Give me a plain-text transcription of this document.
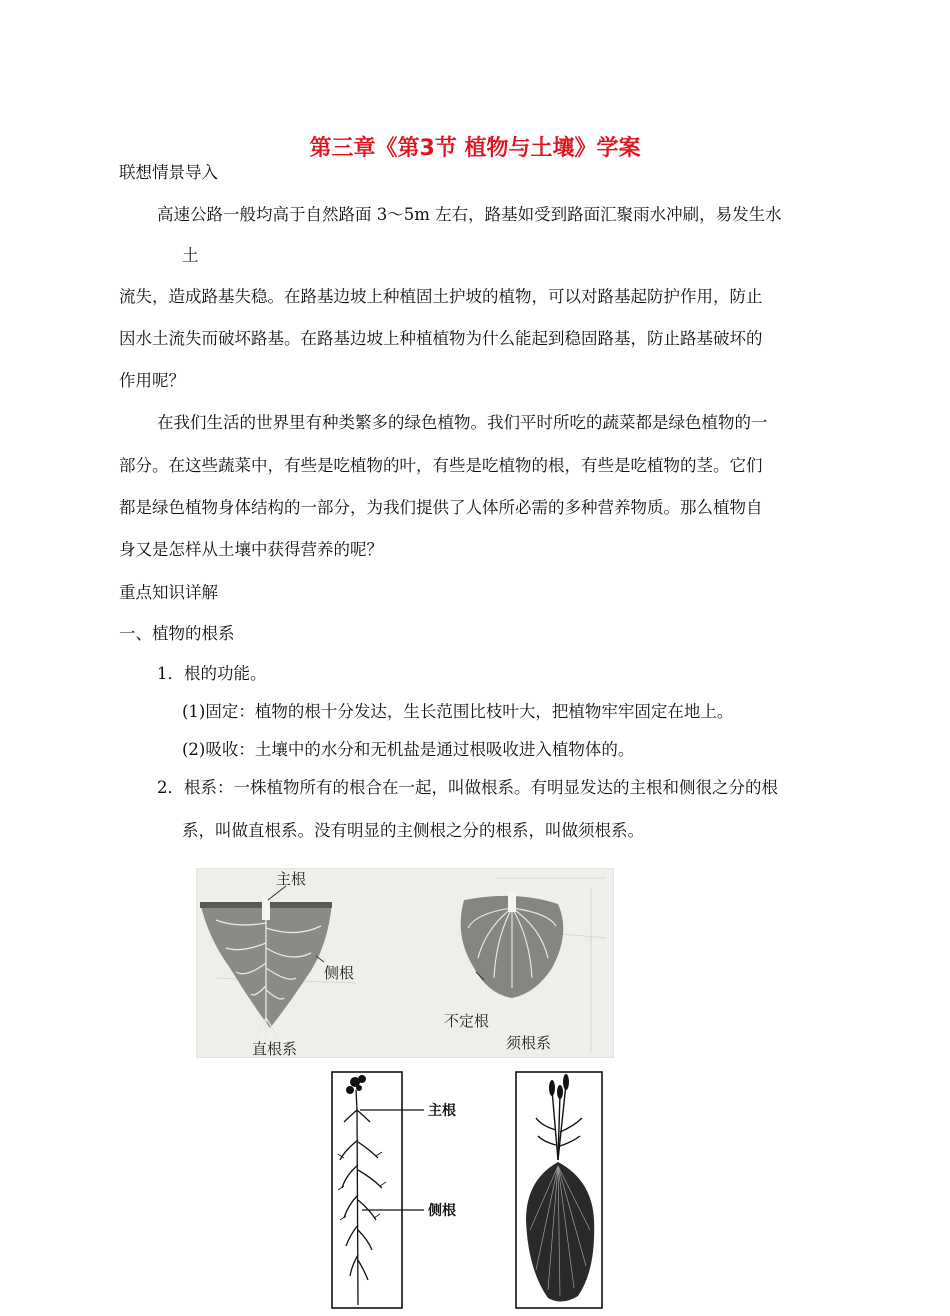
第三章《第3节 植物与土壤》学案
联想情景导入
高速公路一般均高于自然路面 3～5m 左右，路基如受到路面汇聚雨水冲刷，易发生水
土
流失，造成路基失稳。在路基边坡上种植固土护坡的植物，可以对路基起防护作用，防止
因水土流失而破坏路基。在路基边坡上种植植物为什么能起到稳固路基，防止路基破坏的
作用呢？
在我们生活的世界里有种类繁多的绿色植物。我们平时所吃的蔬菜都是绿色植物的一
部分。在这些蔬菜中，有些是吃植物的叶，有些是吃植物的根，有些是吃植物的茎。它们
都是绿色植物身体结构的一部分，为我们提供了人体所必需的多种营养物质。那么植物自
身又是怎样从土壤中获得营养的呢？
重点知识详解
一、植物的根系
1．根的功能。
(1)固定：植物的根十分发达，生长范围比枝叶大，把植物牢牢固定在地上。
(2)吸收：土壤中的水分和无机盐是通过根吸收进入植物体的。
2．根系：一株植物所有的根合在一起，叫做根系。有明显发达的主根和侧很之分的根
系，叫做直根系。没有明显的主侧根之分的根系，叫做须根系。
主根
侧根
不定根
直根系	须根系
主根
侧根
